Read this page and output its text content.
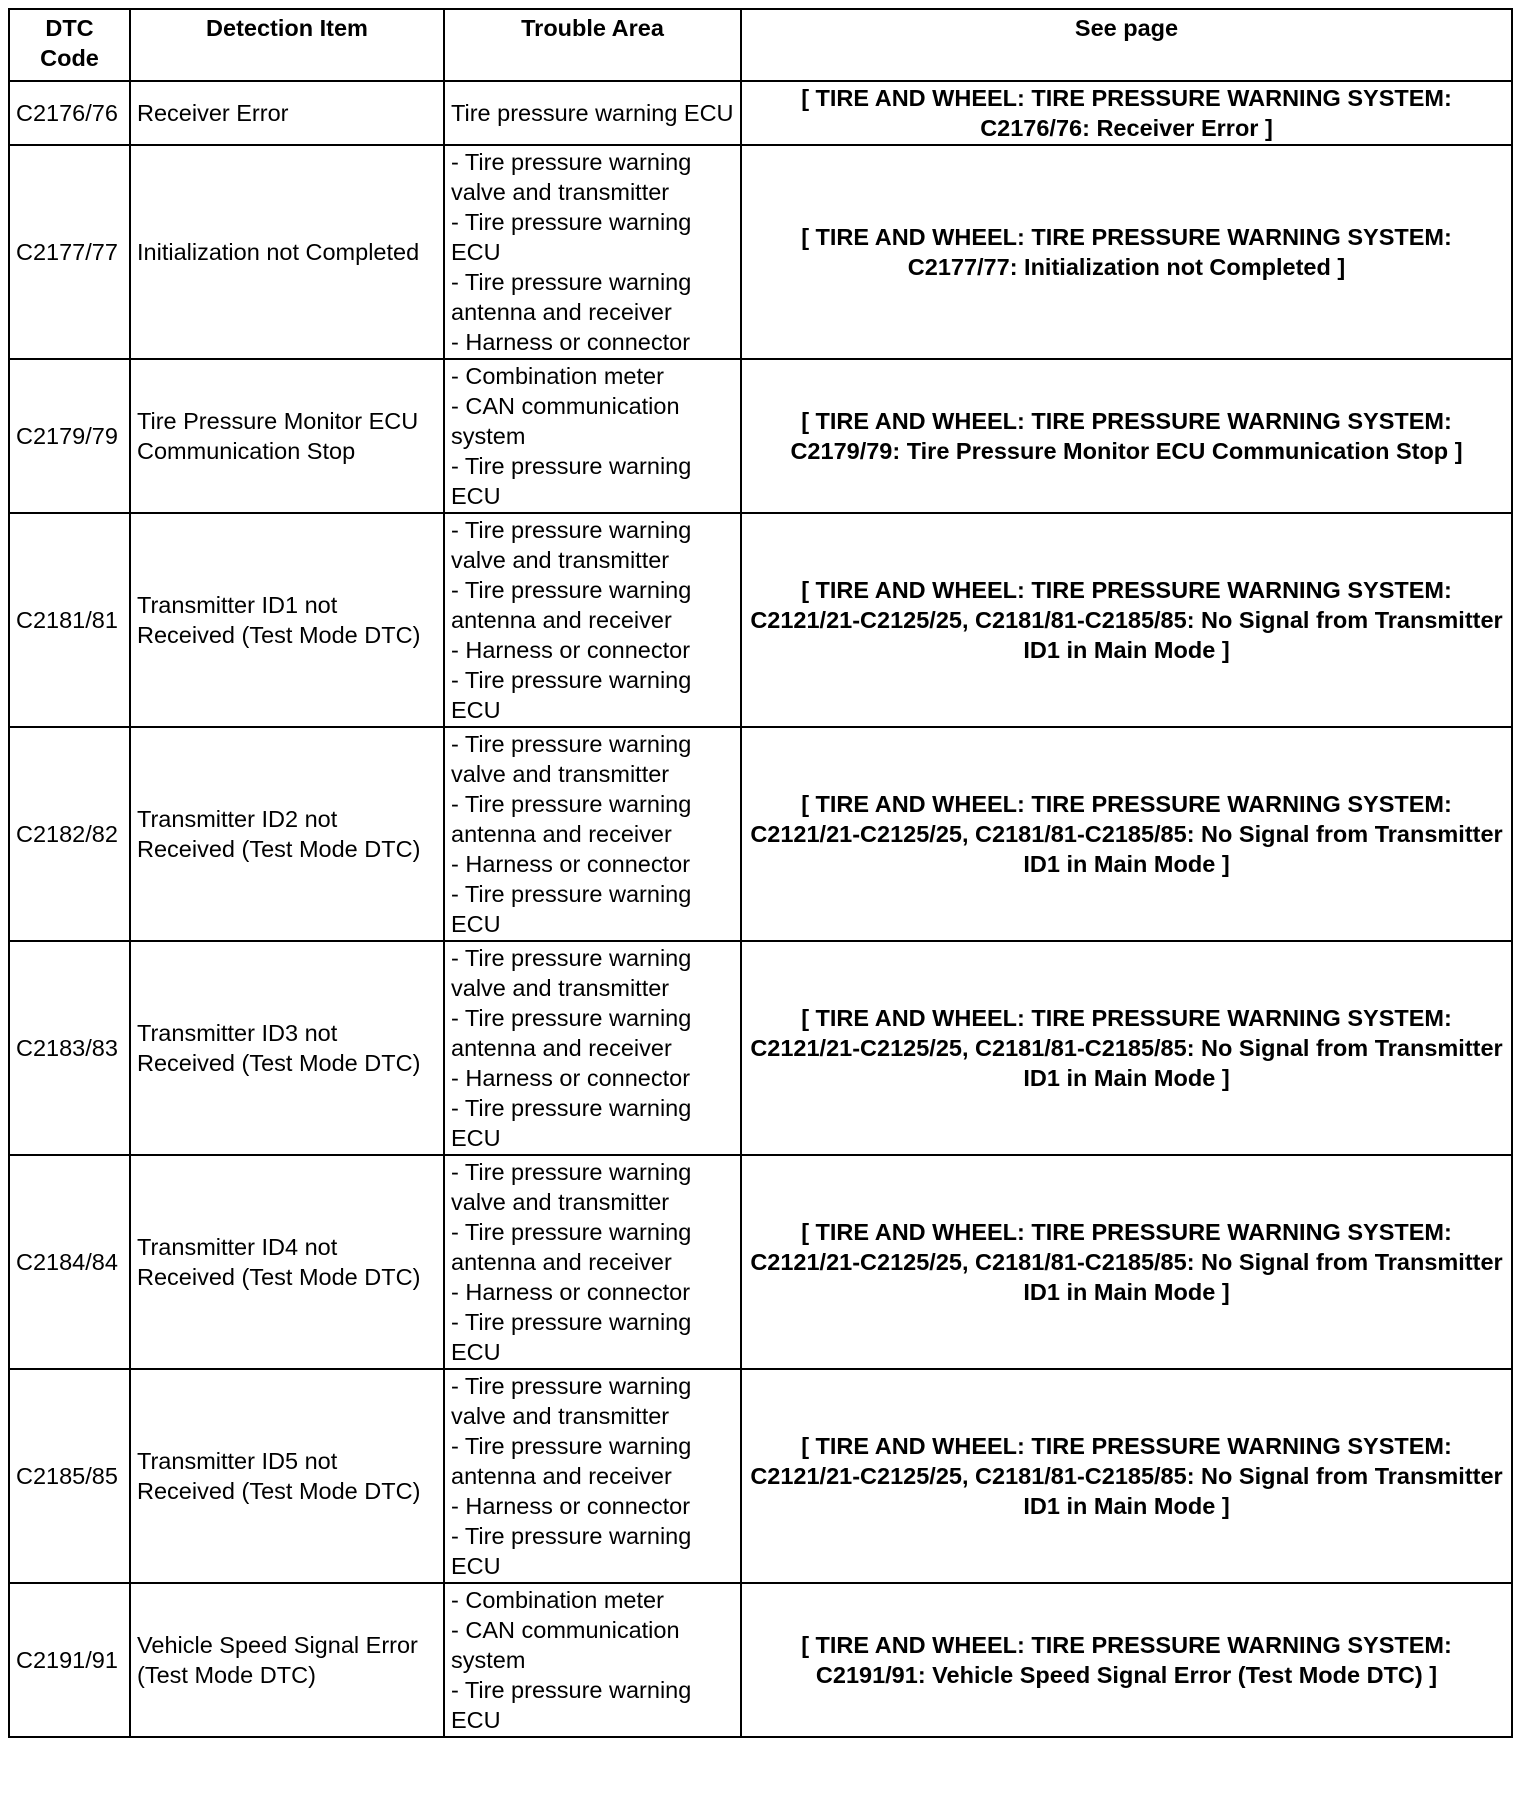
DTC Code	Detection Item	Trouble Area	See page
C2176/76	Receiver Error	Tire pressure warning ECU	[ TIRE AND WHEEL: TIRE PRESSURE WARNING SYSTEM: C2176/76: Receiver Error ]
C2177/77	Initialization not Completed	- Tire pressure warning valve and transmitter
- Tire pressure warning ECU
- Tire pressure warning antenna and receiver
- Harness or connector	[ TIRE AND WHEEL: TIRE PRESSURE WARNING SYSTEM: C2177/77: Initialization not Completed ]
C2179/79	Tire Pressure Monitor ECU Communication Stop	- Combination meter
- CAN communication system
- Tire pressure warning ECU	[ TIRE AND WHEEL: TIRE PRESSURE WARNING SYSTEM: C2179/79: Tire Pressure Monitor ECU Communication Stop ]
C2181/81	Transmitter ID1 not Received (Test Mode DTC)	- Tire pressure warning valve and transmitter
- Tire pressure warning antenna and receiver
- Harness or connector
- Tire pressure warning ECU	[ TIRE AND WHEEL: TIRE PRESSURE WARNING SYSTEM: C2121/21-C2125/25, C2181/81-C2185/85: No Signal from Transmitter ID1 in Main Mode ]
C2182/82	Transmitter ID2 not Received (Test Mode DTC)	- Tire pressure warning valve and transmitter
- Tire pressure warning antenna and receiver
- Harness or connector
- Tire pressure warning ECU	[ TIRE AND WHEEL: TIRE PRESSURE WARNING SYSTEM: C2121/21-C2125/25, C2181/81-C2185/85: No Signal from Transmitter ID1 in Main Mode ]
C2183/83	Transmitter ID3 not Received (Test Mode DTC)	- Tire pressure warning valve and transmitter
- Tire pressure warning antenna and receiver
- Harness or connector
- Tire pressure warning ECU	[ TIRE AND WHEEL: TIRE PRESSURE WARNING SYSTEM: C2121/21-C2125/25, C2181/81-C2185/85: No Signal from Transmitter ID1 in Main Mode ]
C2184/84	Transmitter ID4 not Received (Test Mode DTC)	- Tire pressure warning valve and transmitter
- Tire pressure warning antenna and receiver
- Harness or connector
- Tire pressure warning ECU	[ TIRE AND WHEEL: TIRE PRESSURE WARNING SYSTEM: C2121/21-C2125/25, C2181/81-C2185/85: No Signal from Transmitter ID1 in Main Mode ]
C2185/85	Transmitter ID5 not Received (Test Mode DTC)	- Tire pressure warning valve and transmitter
- Tire pressure warning antenna and receiver
- Harness or connector
- Tire pressure warning ECU	[ TIRE AND WHEEL: TIRE PRESSURE WARNING SYSTEM: C2121/21-C2125/25, C2181/81-C2185/85: No Signal from Transmitter ID1 in Main Mode ]
C2191/91	Vehicle Speed Signal Error (Test Mode DTC)	- Combination meter
- CAN communication system
- Tire pressure warning ECU	[ TIRE AND WHEEL: TIRE PRESSURE WARNING SYSTEM: C2191/91: Vehicle Speed Signal Error (Test Mode DTC) ]
